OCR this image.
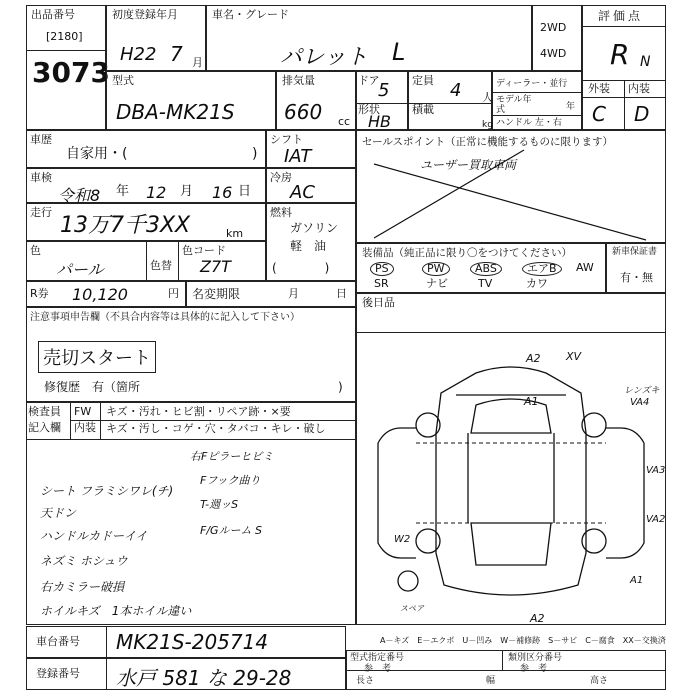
出品番号
[2180]
3073
初度登録年月
H22 7 月
車名・グレード
パレット L
2WD
4WD
評価点
R N
外装 内装
C D
型式
DBA-MK21S
排気量
660 cc
ドア
5
形状
HB
定員 4 人
積載
kg
ディーラー・並行
モデル年式	年
ハンドル 左・右
車歴
自家用・(	)
シフト
IAT
車検
令和8 年 12 月 16 日
冷房
AC
走行
13万7千3XX	km
燃料
ガソリン
軽　油
(　　　　)
色
パール	色替
色コード
Z7T
R券 10,120	円 名変期限	月	日
注意事項申告欄（不具合内容等は具体的に記入して下さい）
売切スタート
修復歴　有（箇所	)
検査員
記入欄
FW
内装
キズ・汚れ・ヒビ割・リペア跡・×要
キズ・汚し・コゲ・穴・タバコ・キレ・破し
シート フラミシワレ(チ)
天ドン
ハンドルカドーイイ
ネズミ ホシュウ
右カミラー破損
ホイルキズ　1本ホイル違い
右Fピラーヒビミ
Fフック曲り
T-週ッS
F/Gルーム S
セールスポイント（正常に機能するものに限ります）
ユーザー買取車両
装備品（純正品に限り〇をつけてください）
PS	PW	ABS	エアB	AW
SR	ナビ	TV	カワ
新車保証書
有・無
後日品
A2 XV
A1
レンズキ
VA4
VA3
VA2
W2
A1
スペア
A2
A－キズ　E－エクボ　U－凹み　W－補修跡　S－サビ　C－腐食　XX－交換済
車台番号 MK21S-205714
登録番号 水戸 581 な 29-28
型式指定番号
参　考
類別区分番号
参　考
長さ	幅	高さ
